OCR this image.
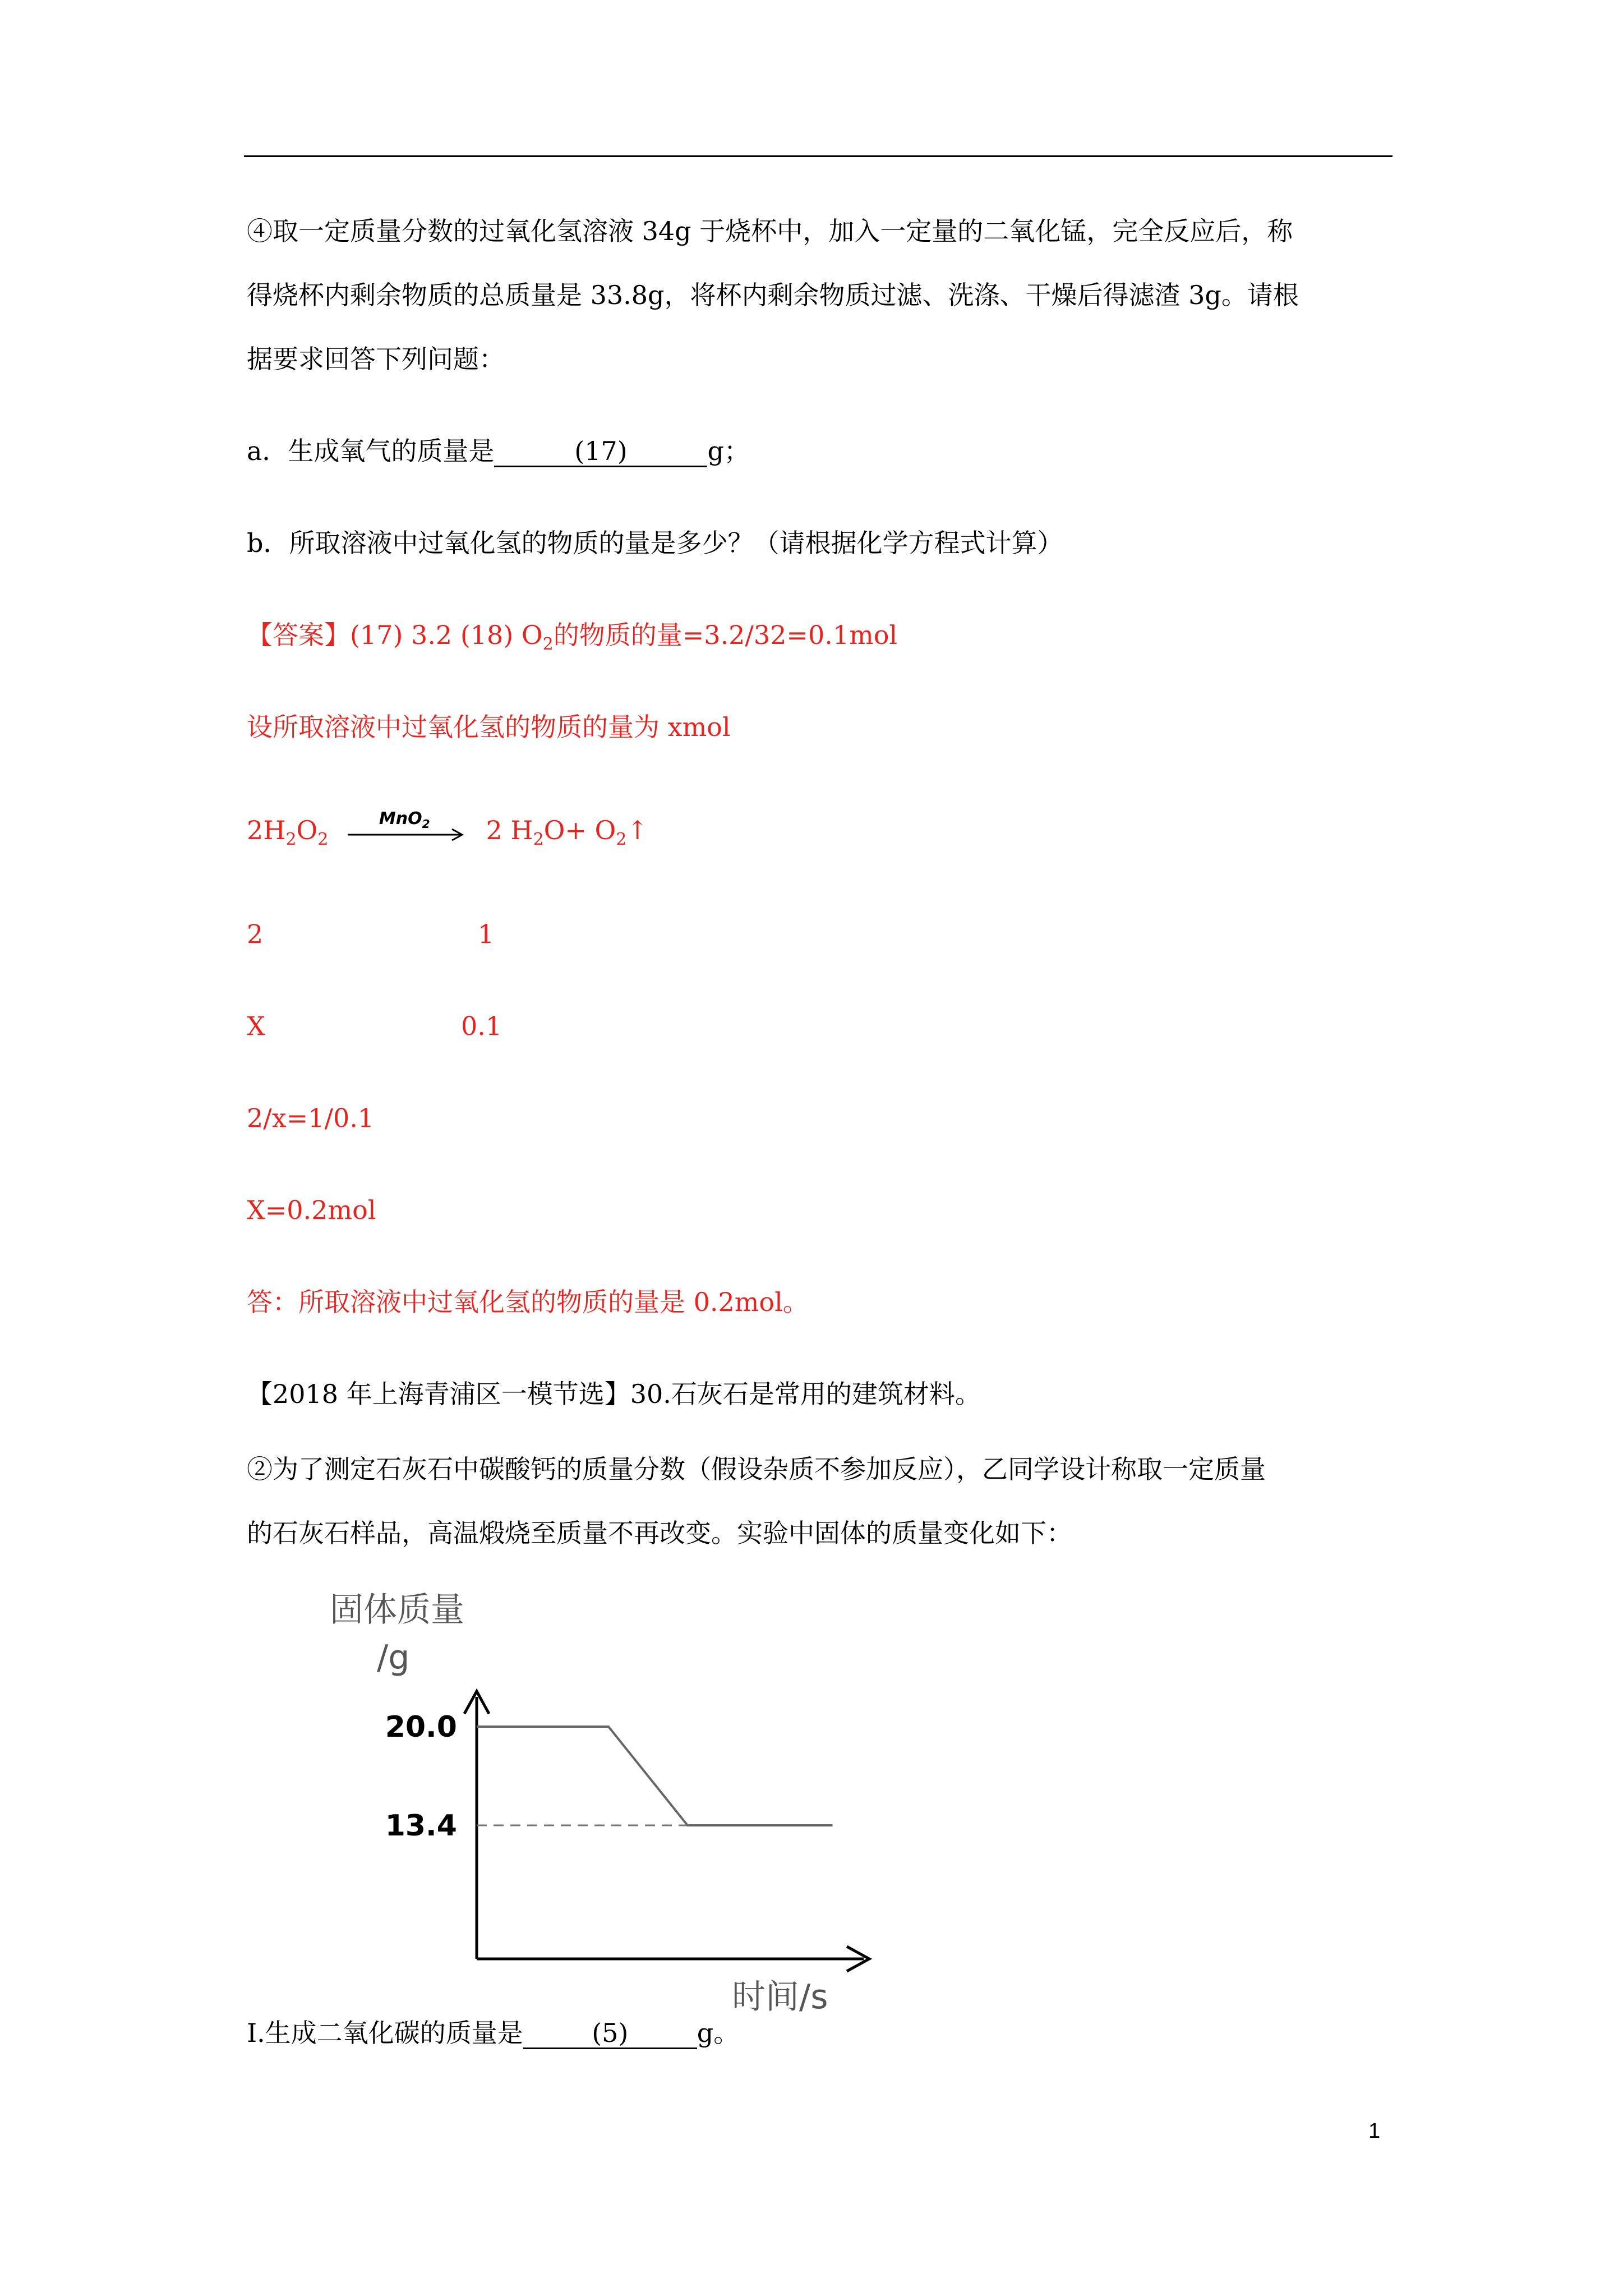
④取一定质量分数的过氧化氢溶液 34g 于烧杯中，加入一定量的二氧化锰，完全反应后，称
得烧杯内剩余物质的总质量是 33.8g，将杯内剩余物质过滤、洗涤、干燥后得滤渣 3g。请根
据要求回答下列问题：
a．生成氧气的质量是	(17)	g；
b．所取溶液中过氧化氢的物质的量是多少？（请根据化学方程式计算）
【答案】(17) 3.2 (18) $O_2$的物质的量=3.2/32=0.1mol
设所取溶液中过氧化氢的物质的量为 xmol
$2H_2O_2$
MnO$_2$ 2 $H_2O+$ $O_2↑$
2	1
X	0.1
2/x=1/0.1
X=0.2mol
答：所取溶液中过氧化氢的物质的量是 0.2mol。
【2018 年上海青浦区一模节选】30.石灰石是常用的建筑材料。
②为了测定石灰石中碳酸钙的质量分数（假设杂质不参加反应），乙同学设计称取一定质量
的石灰石样品，高温煅烧至质量不再改变。实验中固体的质量变化如下：
固体质量
/g
20.0
13.4
时间/s
Ⅰ.生成二氧化碳的质量是	(5)	g。
1
